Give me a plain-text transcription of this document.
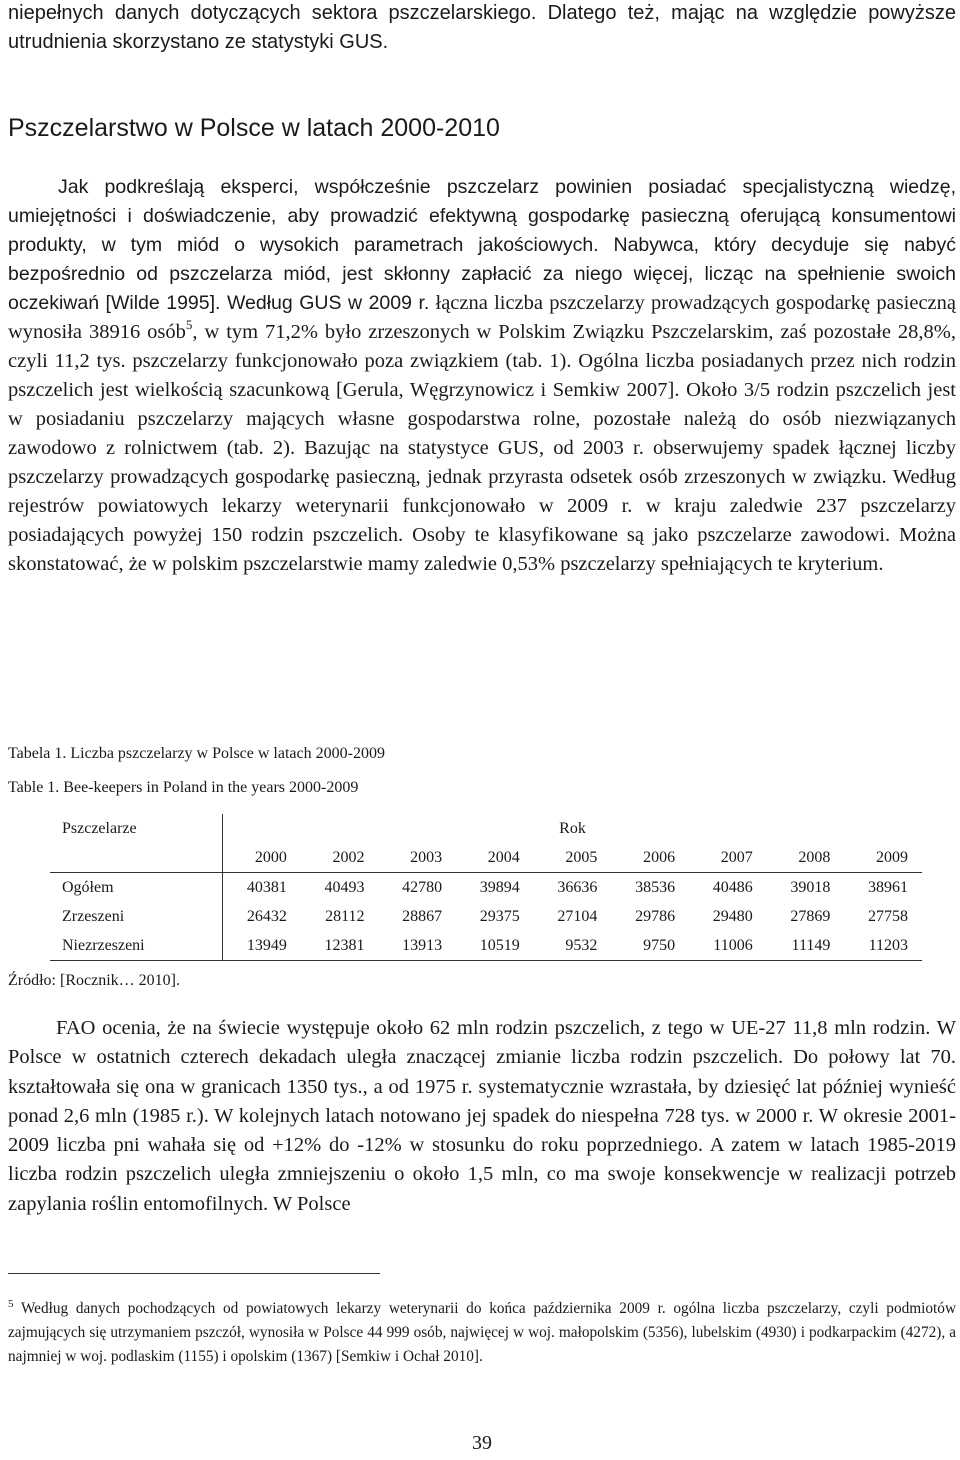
niepełnych danych dotyczących sektora pszczelarskiego. Dlatego też, mając na względzie powyższe utrudnienia skorzystano ze statystyki GUS.

Pszczelarstwo w Polsce w latach 2000-2010

Jak podkreślają eksperci, współcześnie pszczelarz powinien posiadać specjalistyczną wiedzę, umiejętności i doświadczenie, aby prowadzić efektywną gospodarkę pasieczną oferującą konsumentowi produkty, w tym miód o wysokich parametrach jakościowych. Nabywca, który decyduje się nabyć bezpośrednio od pszczelarza miód, jest skłonny zapłacić za niego więcej, licząc na spełnienie swoich oczekiwań [Wilde 1995]. Według GUS w 2009 r. łączna liczba pszczelarzy prowadzących gospodarkę pasieczną wynosiła 38916 osób$^5$, w tym 71,2% było zrzeszonych w Polskim Związku Pszczelarskim, zaś pozostałe 28,8%, czyli 11,2 tys. pszczelarzy funkcjonowało poza związkiem (tab. 1). Ogólna liczba posiadanych przez nich rodzin pszczelich jest wielkością szacunkową [Gerula, Węgrzynowicz i Semkiw 2007]. Około 3/5 rodzin pszczelich jest w posiadaniu pszczelarzy mających własne gospodarstwa rolne, pozostałe należą do osób niezwiązanych zawodowo z rolnictwem (tab. 2). Bazując na statystyce GUS, od 2003 r. obserwujemy spadek łącznej liczby pszczelarzy prowadzących gospodarkę pasieczną, jednak przyrasta odsetek osób zrzeszonych w związku. Według rejestrów powiatowych lekarzy weterynarii funkcjonowało w 2009 r. w kraju zaledwie 237 pszczelarzy posiadających powyżej 150 rodzin pszczelich. Osoby te klasyfikowane są jako pszczelarze zawodowi. Można skonstatować, że w polskim pszczelarstwie mamy zaledwie 0,53% pszczelarzy spełniających te kryterium.

Tabela 1. Liczba pszczelarzy w Polsce w latach 2000-2009

Table 1. Bee-keepers in Poland in the years 2000-2009

Pszczelarze	Rok								
	2000	2002	2003	2004	2005	2006	2007	2008	2009
Ogółem	40381	40493	42780	39894	36636	38536	40486	39018	38961
Zrzeszeni	26432	28112	28867	29375	27104	29786	29480	27869	27758
Niezrzeszeni	13949	12381	13913	10519	9532	9750	11006	11149	11203

Źródło: [Rocznik… 2010].

FAO ocenia, że na świecie występuje około 62 mln rodzin pszczelich, z tego w UE-27 11,8 mln rodzin. W Polsce w ostatnich czterech dekadach uległa znaczącej zmianie liczba rodzin pszczelich. Do połowy lat 70. kształtowała się ona w granicach 1350 tys., a od 1975 r. systematycznie wzrastała, by dziesięć lat później wynieść ponad 2,6 mln (1985 r.). W kolejnych latach notowano jej spadek do niespełna 728 tys. w 2000 r. W okresie 2001-2009 liczba pni wahała się od +12% do -12% w stosunku do roku poprzedniego. A zatem w latach 1985-2019 liczba rodzin pszczelich uległa zmniejszeniu o około 1,5 mln, co ma swoje konsekwencje w realizacji potrzeb zapylania roślin entomofilnych. W Polsce

$^5$ Według danych pochodzących od powiatowych lekarzy weterynarii do końca października 2009 r. ogólna liczba pszczelarzy, czyli podmiotów zajmujących się utrzymaniem pszczół, wynosiła w Polsce 44 999 osób, najwięcej w woj. małopolskim (5356), lubelskim (4930) i podkarpackim (4272), a najmniej w woj. podlaskim (1155) i opolskim (1367) [Semkiw i Ochał 2010].

39
